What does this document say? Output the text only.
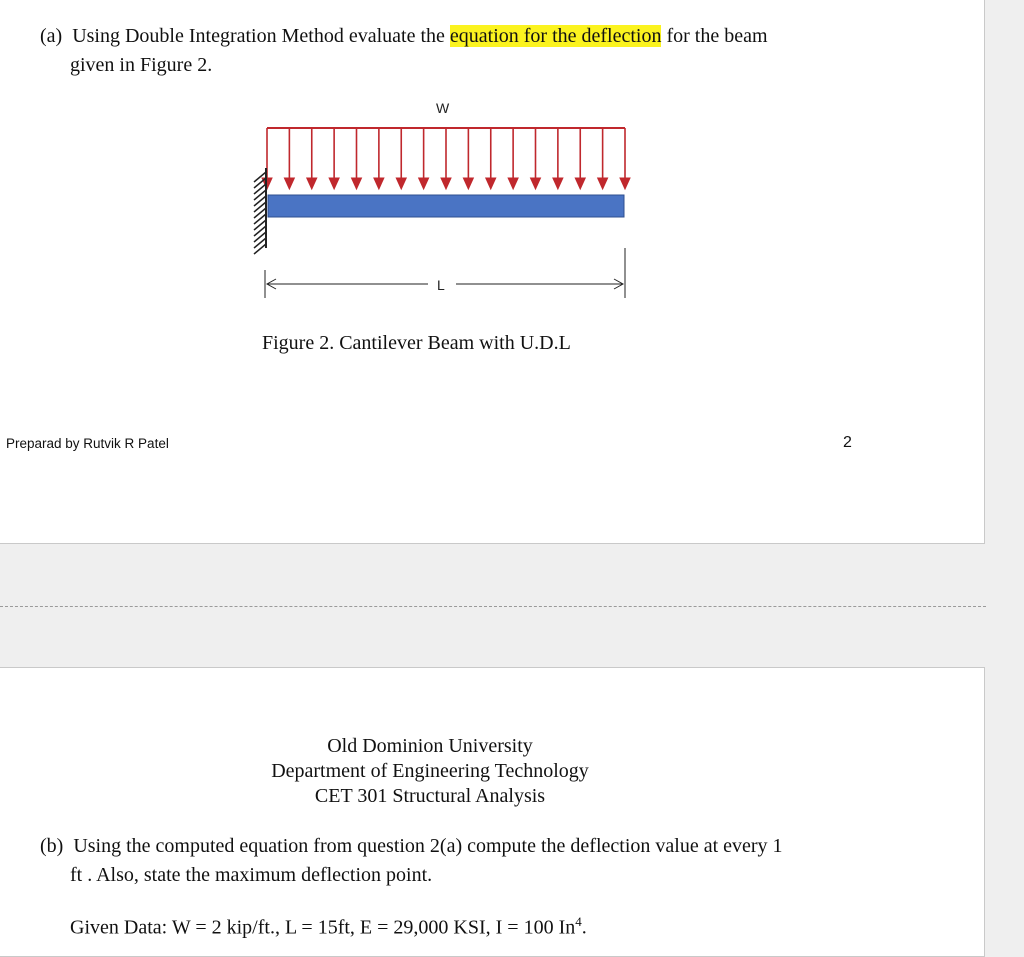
(a) Using Double Integration Method evaluate the equation for the deflection for the beam
given in Figure 2.
W
L
Figure 2. Cantilever Beam with U.D.L
Preparad by Rutvik R Patel	2
Old Dominion University
Department of Engineering Technology
CET 301 Structural Analysis
(b) Using the computed equation from question 2(a) compute the deflection value at every 1
ft . Also, state the maximum deflection point.
Given Data: W = 2 kip/ft., L = 15ft, E = 29,000 KSI, I = 100 In$^4$.
